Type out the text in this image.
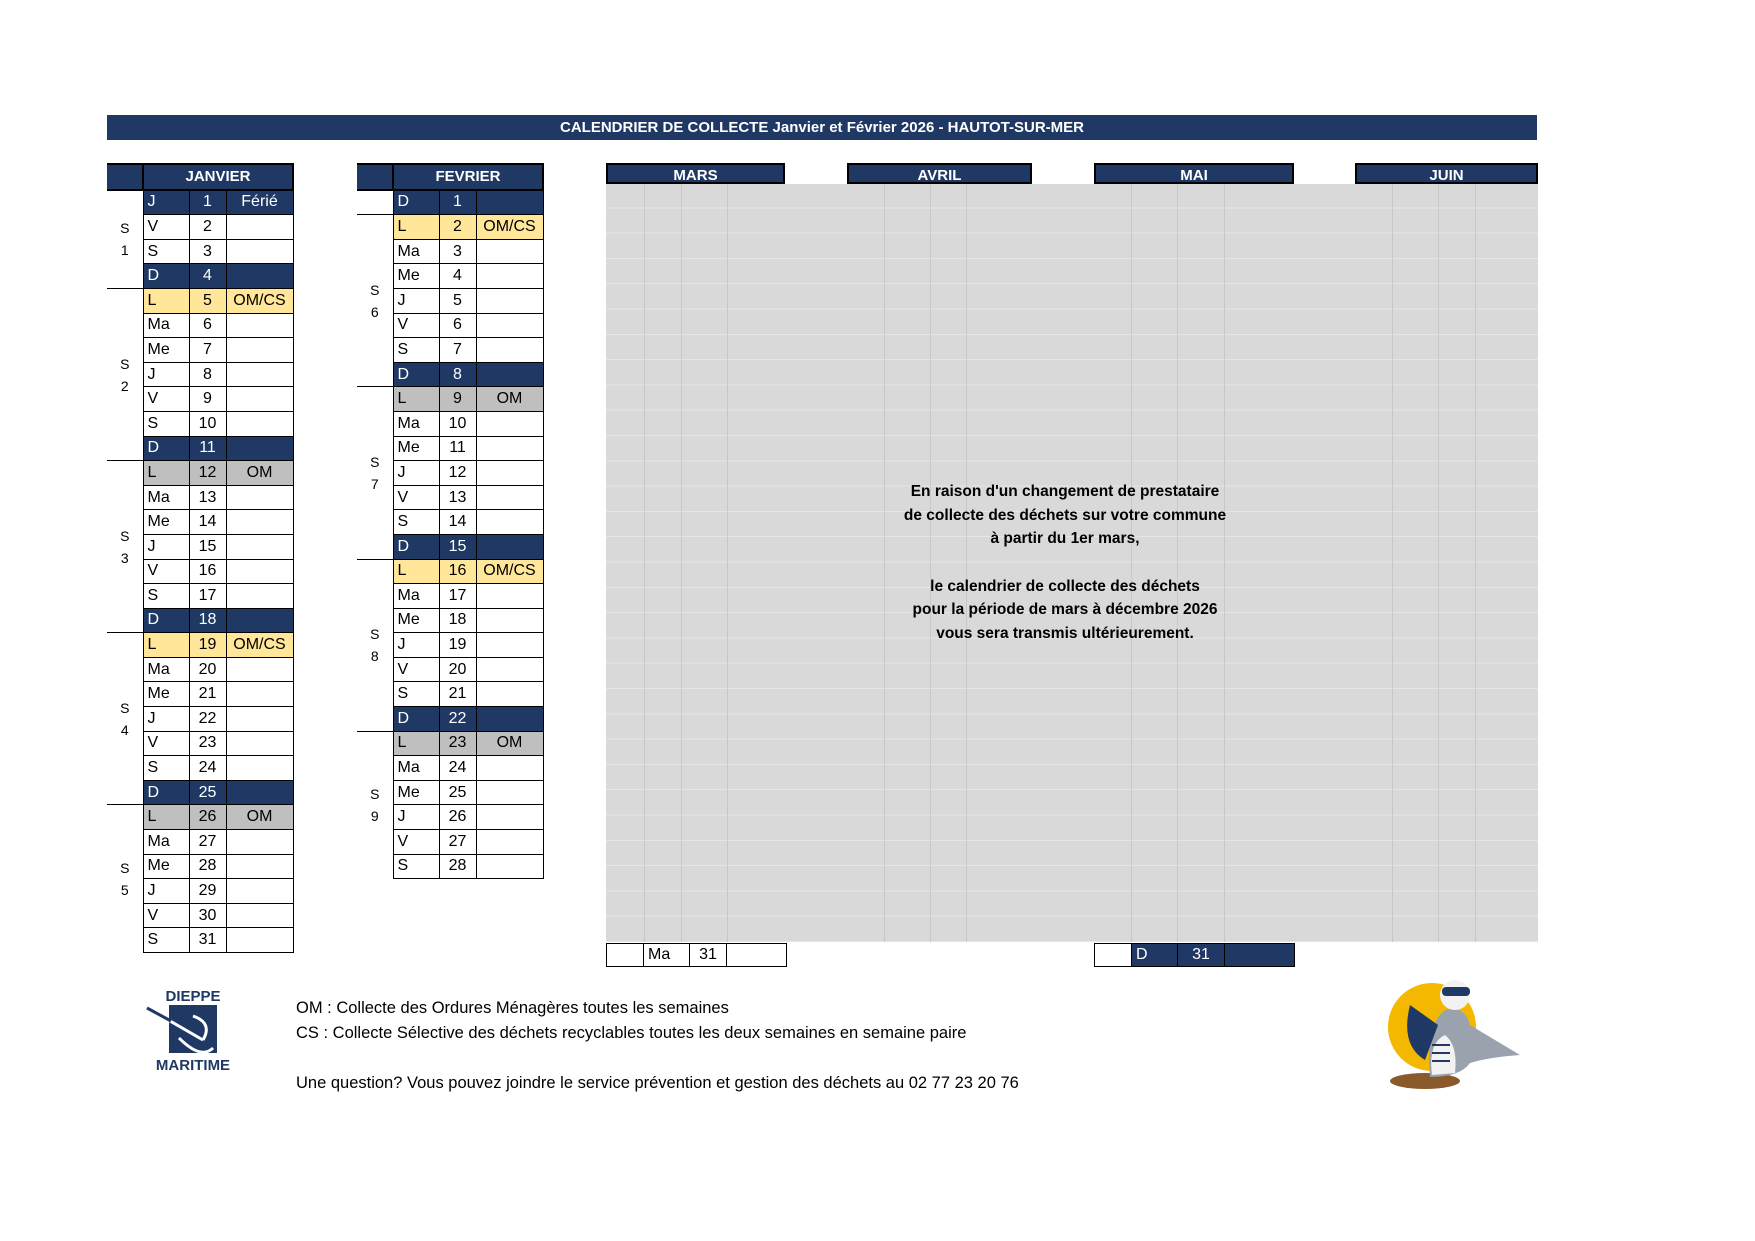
CALENDRIER DE COLLECTE Janvier et Février 2026 - HAUTOT-SUR-MER
	JANVIER		
S
1	J	1	Férié
	V	2	
	S	3	
	D	4	
S
2	L	5	OM/CS
	Ma	6	
	Me	7	
	J	8	
	V	9	
	S	10	
	D	11	
S
3	L	12	OM
	Ma	13	
	Me	14	
	J	15	
	V	16	
	S	17	
	D	18	
S
4	L	19	OM/CS
	Ma	20	
	Me	21	
	J	22	
	V	23	
	S	24	
	D	25	
S
5	L	26	OM
	Ma	27	
	Me	28	
	J	29	
	V	30	
	S	31	
	FEVRIER		
	D	1	
S
6	L	2	OM/CS
	Ma	3	
	Me	4	
	J	5	
	V	6	
	S	7	
	D	8	
S
7	L	9	OM
	Ma	10	
	Me	11	
	J	12	
	V	13	
	S	14	
	D	15	
S
8	L	16	OM/CS
	Ma	17	
	Me	18	
	J	19	
	V	20	
	S	21	
	D	22	
S
9	L	23	OM
	Ma	24	
	Me	25	
	J	26	
	V	27	
	S	28	
MARS	AVRIL	MAI	JUIN

En raison d'un changement de prestataire

de collecte des déchets sur votre commune

à partir du 1er mars,

le calendrier de collecte des déchets

pour la période de mars à décembre 2026

vous sera transmis ultérieurement.

	Ma	31	
		D	31	
DIEPPE
MARITIME
OM : Collecte des Ordures Ménagères toutes les semaines
CS : Collecte Sélective des déchets recyclables toutes les deux semaines en semaine paire
Une question? Vous pouvez joindre le service prévention et gestion des déchets au 02 77 23 20 76
